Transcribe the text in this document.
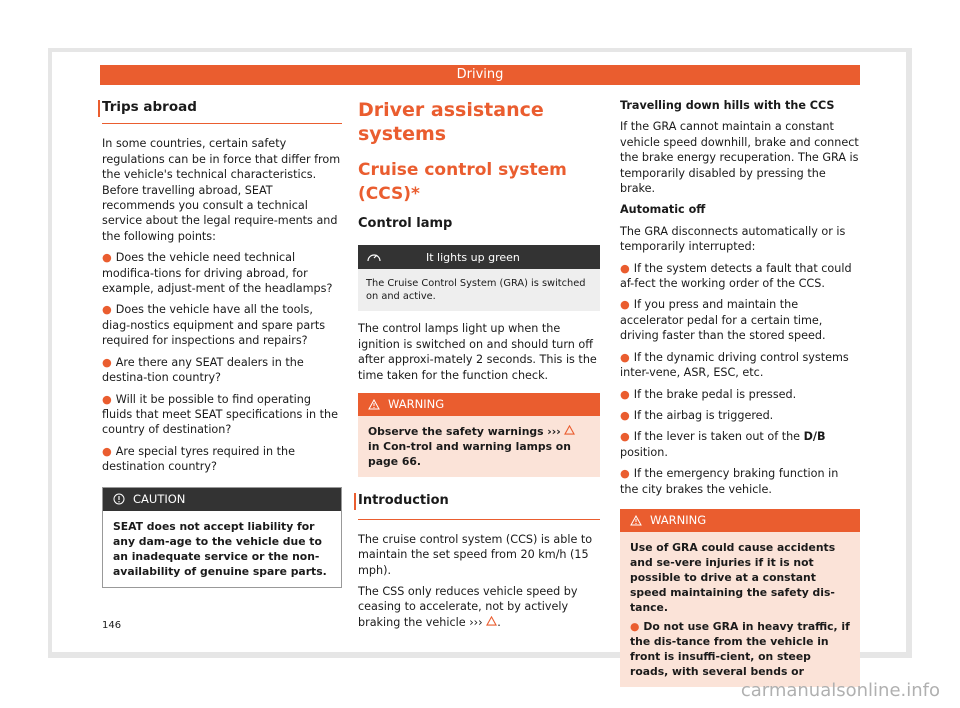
Driving
Trips abroad

In some countries, certain safety regulations can be in force that differ from the vehicle's technical characteristics. Before travelling abroad, SEAT recommends you consult a technical service about the legal require-ments and the following points:

● Does the vehicle need technical modifica-tions for driving abroad, for example, adjust-ment of the headlamps?

● Does the vehicle have all the tools, diag-nostics equipment and spare parts required for inspections and repairs?

● Are there any SEAT dealers in the destina-tion country?

● Will it be possible to find operating fluids that meet SEAT specifications in the country of destination?

● Are special tyres required in the destination country?

CAUTION
SEAT does not accept liability for any dam-age to the vehicle due to an inadequate service or the non-availability of genuine spare parts.
Driver assistance systems
Cruise control system (CCS)*
Control lamp
It lights up green
The Cruise Control System (GRA) is switched on and active.

The control lamps light up when the ignition is switched on and should turn off after approxi-mately 2 seconds. This is the time taken for the function check.

WARNING
Observe the safety warnings ›››  in Con-trol and warning lamps on page 66.
Introduction

The cruise control system (CCS) is able to maintain the set speed from 20 km/h (15 mph).

The CSS only reduces vehicle speed by ceasing to accelerate, not by actively braking the vehicle ››› .

Travelling down hills with the CCS

If the GRA cannot maintain a constant vehicle speed downhill, brake and connect the brake energy recuperation. The GRA is temporarily disabled by pressing the brake.

Automatic off

The GRA disconnects automatically or is temporarily interrupted:

● If the system detects a fault that could af-fect the working order of the CCS.

● If you press and maintain the accelerator pedal for a certain time, driving faster than the stored speed.

● If the dynamic driving control systems inter-vene, ASR, ESC, etc.

● If the brake pedal is pressed.

● If the airbag is triggered.

● If the lever is taken out of the D/B position.

● If the emergency braking function in the city brakes the vehicle.

WARNING

Use of GRA could cause accidents and se-vere injuries if it is not possible to drive at a constant speed maintaining the safety dis-tance.

● Do not use GRA in heavy traffic, if the dis-tance from the vehicle in front is insuffi-cient, on steep roads, with several bends or

146
carmanualsonline.info
